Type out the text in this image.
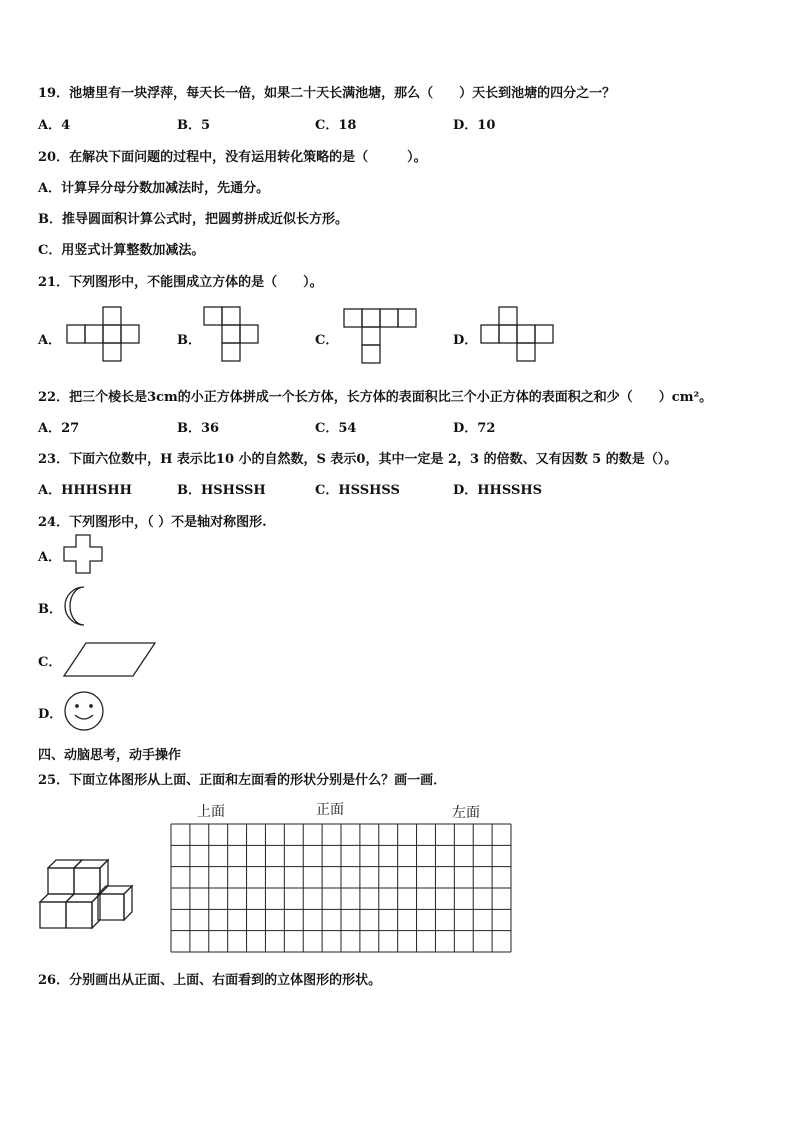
19．池塘里有一块浮萍，每天长一倍，如果二十天长满池塘，那么（　　）天长到池塘的四分之一？
A．4	B．5	C．18	D．10
20．在解决下面问题的过程中，没有运用转化策略的是（　　　）。
A．计算异分母分数加减法时，先通分。
B．推导圆面积计算公式时，把圆剪拼成近似长方形。
C．用竖式计算整数加减法。
21．下列图形中，不能围成立方体的是（　　）。
A．	B．	C．	D．
22．把三个棱长是3cm的小正方体拼成一个长方体，长方体的表面积比三个小正方体的表面积之和少（　　）cm²。
A．27	B．36	C．54	D．72
23．下面六位数中，H 表示比10 小的自然数，S 表示0，其中一定是 2，3 的倍数、又有因数 5 的数是（）。
A．HHHSHH	B．HSHSSH	C．HSSHSS	D．HHSSHS
24．下列图形中，（ ）不是轴对称图形.
A．
B．
C．
D．
四、动脑思考，动手操作
25．下面立体图形从上面、正面和左面看的形状分别是什么？画一画．
上面	正面	左面
26．分别画出从正面、上面、右面看到的立体图形的形状。
